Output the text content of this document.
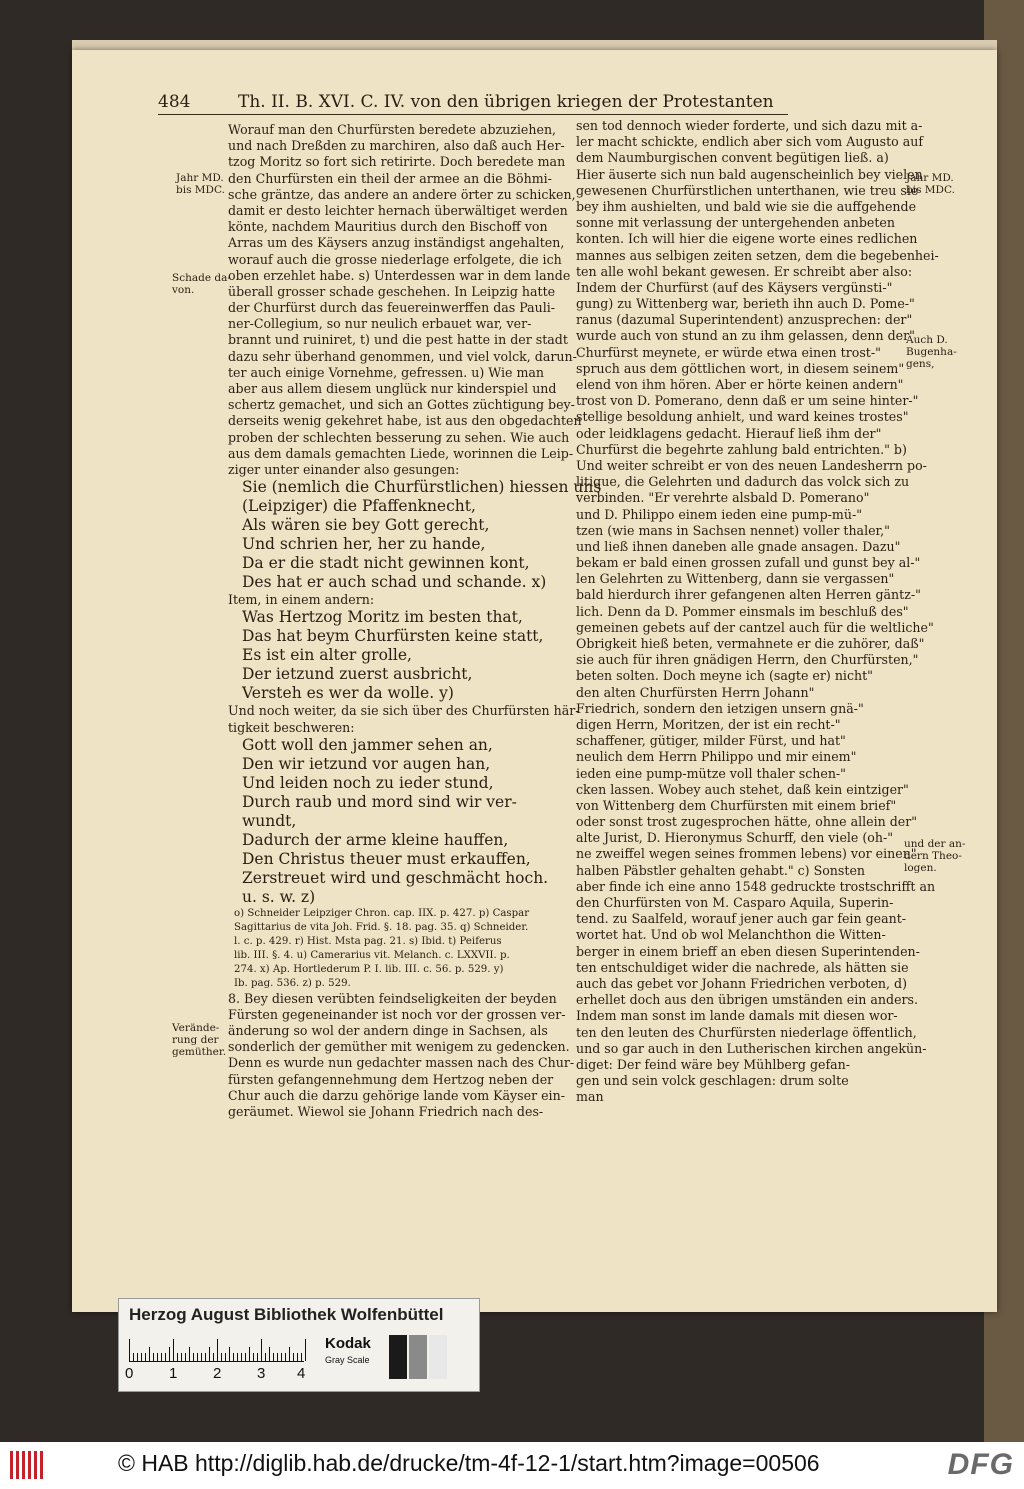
484	Th. II. B. XVI. C. IV. von den übrigen kriegen der Protestanten
Jahr MD.
bis MDC.
Jahr MD.
bis MDC.
Schade da-
von.
Auch D.
Bugenha-
gens,
und der an-
dern Theo-
logen.
Verände-
rung der
gemüther.
Worauf man den Churfürsten beredete abzuziehen,
und nach Dreßden zu marchiren, also daß auch Her-
tzog Moritz so fort sich retirirte. Doch beredete man
den Churfürsten ein theil der armee an die Böhmi-
sche gräntze, das andere an andere örter zu schicken,
damit er desto leichter hernach überwältiget werden
könte, nachdem Mauritius durch den Bischoff von
Arras um des Käysers anzug inständigst angehalten,
worauf auch die grosse niederlage erfolgete, die ich
oben erzehlet habe. s) Unterdessen war in dem lande
überall grosser schade geschehen. In Leipzig hatte
der Churfürst durch das feuereinwerffen das Pauli-
ner-Collegium, so nur neulich erbauet war, ver-
brannt und ruiniret, t) und die pest hatte in der stadt
dazu sehr überhand genommen, und viel volck, darun-
ter auch einige Vornehme, gefressen. u) Wie man
aber aus allem diesem unglück nur kinderspiel und
schertz gemachet, und sich an Gottes züchtigung bey-
derseits wenig gekehret habe, ist aus den obgedachten
proben der schlechten besserung zu sehen. Wie auch
aus dem damals gemachten Liede, worinnen die Leip-
ziger unter einander also gesungen:
Sie (nemlich die Churfürstlichen) hiessen uns
(Leipziger) die Pfaffenknecht,
Als wären sie bey Gott gerecht,
Und schrien her, her zu hande,
Da er die stadt nicht gewinnen kont,
Des hat er auch schad und schande. x)
Item, in einem andern:
Was Hertzog Moritz im besten that,
Das hat beym Churfürsten keine statt,
Es ist ein alter grolle,
Der ietzund zuerst ausbricht,
Versteh es wer da wolle. y)
Und noch weiter, da sie sich über des Churfürsten här-
tigkeit beschweren:
Gott woll den jammer sehen an,
Den wir ietzund vor augen han,
Und leiden noch zu ieder stund,
Durch raub und mord sind wir ver-
wundt,
Dadurch der arme kleine hauffen,
Den Christus theuer must erkauffen,
Zerstreuet wird und geschmächt hoch.
u. s. w. z)
o) Schneider Leipziger Chron. cap. IIX. p. 427. p) Caspar
Sagittarius de vita Joh. Frid. §. 18. pag. 35. q) Schneider.
l. c. p. 429. r) Hist. Msta pag. 21. s) Ibid. t) Peiferus
lib. III. §. 4. u) Camerarius vit. Melanch. c. LXXVII. p.
274. x) Ap. Hortlederum P. I. lib. III. c. 56. p. 529. y)
Ib. pag. 536. z) p. 529.
8. Bey diesen verübten feindseligkeiten der beyden
Fürsten gegeneinander ist noch vor der grossen ver-
änderung so wol der andern dinge in Sachsen, als
sonderlich der gemüther mit wenigem zu gedencken.
Denn es wurde nun gedachter massen nach des Chur-
fürsten gefangennehmung dem Hertzog neben der
Chur auch die darzu gehörige lande vom Käyser ein-
geräumet. Wiewol sie Johann Friedrich nach des-
sen tod dennoch wieder forderte, und sich dazu mit a-
ler macht schickte, endlich aber sich vom Augusto auf
dem Naumburgischen convent begütigen ließ. a)
Hier äuserte sich nun bald augenscheinlich bey vielen
gewesenen Churfürstlichen unterthanen, wie treu sie
bey ihm aushielten, und bald wie sie die auffgehende
sonne mit verlassung der untergehenden anbeten
konten. Ich will hier die eigene worte eines redlichen
mannes aus selbigen zeiten setzen, dem die begebenhei-
ten alle wohl bekant gewesen. Er schreibt aber also:
Indem der Churfürst (auf des Käysers vergünsti-"
gung) zu Wittenberg war, berieth ihn auch D. Pome-"
ranus (dazumal Superintendent) anzusprechen: der"
wurde auch von stund an zu ihm gelassen, denn der"
Churfürst meynete, er würde etwa einen trost-"
spruch aus dem göttlichen wort, in diesem seinem"
elend von ihm hören. Aber er hörte keinen andern"
trost von D. Pomerano, denn daß er um seine hinter-"
stellige besoldung anhielt, und ward keines trostes"
oder leidklagens gedacht. Hierauf ließ ihm der"
Churfürst die begehrte zahlung bald entrichten." b)
Und weiter schreibt er von des neuen Landesherrn po-
litique, die Gelehrten und dadurch das volck sich zu
verbinden. "Er verehrte alsbald D. Pomerano"
und D. Philippo einem ieden eine pump-mü-"
tzen (wie mans in Sachsen nennet) voller thaler,"
und ließ ihnen daneben alle gnade ansagen. Dazu"
bekam er bald einen grossen zufall und gunst bey al-"
len Gelehrten zu Wittenberg, dann sie vergassen"
bald hierdurch ihrer gefangenen alten Herren gäntz-"
lich. Denn da D. Pommer einsmals im beschluß des"
gemeinen gebets auf der cantzel auch für die weltliche"
Obrigkeit hieß beten, vermahnete er die zuhörer, daß"
sie auch für ihren gnädigen Herrn, den Churfürsten,"
beten solten. Doch meyne ich (sagte er) nicht"
den alten Churfürsten Herrn Johann"
Friedrich, sondern den ietzigen unsern gnä-"
digen Herrn, Moritzen, der ist ein recht-"
schaffener, gütiger, milder Fürst, und hat"
neulich dem Herrn Philippo und mir einem"
ieden eine pump-mütze voll thaler schen-"
cken lassen. Wobey auch stehet, daß kein eintziger"
von Wittenberg dem Churfürsten mit einem brief"
oder sonst trost zugesprochen hätte, ohne allein der"
alte Jurist, D. Hieronymus Schurff, den viele (oh-"
ne zweiffel wegen seines frommen lebens) vor einen"
halben Päbstler gehalten gehabt." c) Sonsten
aber finde ich eine anno 1548 gedruckte trostschrifft an
den Churfürsten von M. Casparo Aquila, Superin-
tend. zu Saalfeld, worauf jener auch gar fein geant-
wortet hat. Und ob wol Melanchthon die Witten-
berger in einem brieff an eben diesen Superintenden-
ten entschuldiget wider die nachrede, als hätten sie
auch das gebet vor Johann Friedrichen verboten, d)
erhellet doch aus den übrigen umständen ein anders.
Indem man sonst im lande damals mit diesen wor-
ten den leuten des Churfürsten niederlage öffentlich,
und so gar auch in den Lutherischen kirchen angekün-
diget: Der feind wäre bey Mühlberg gefan-
gen und sein volck geschlagen: drum solte
man
Herzog August Bibliothek Wolfenbüttel
0 1 2 3 4
Kodak
Gray Scale
© HAB http://diglib.hab.de/drucke/tm-4f-12-1/start.htm?image=00506	DFG
